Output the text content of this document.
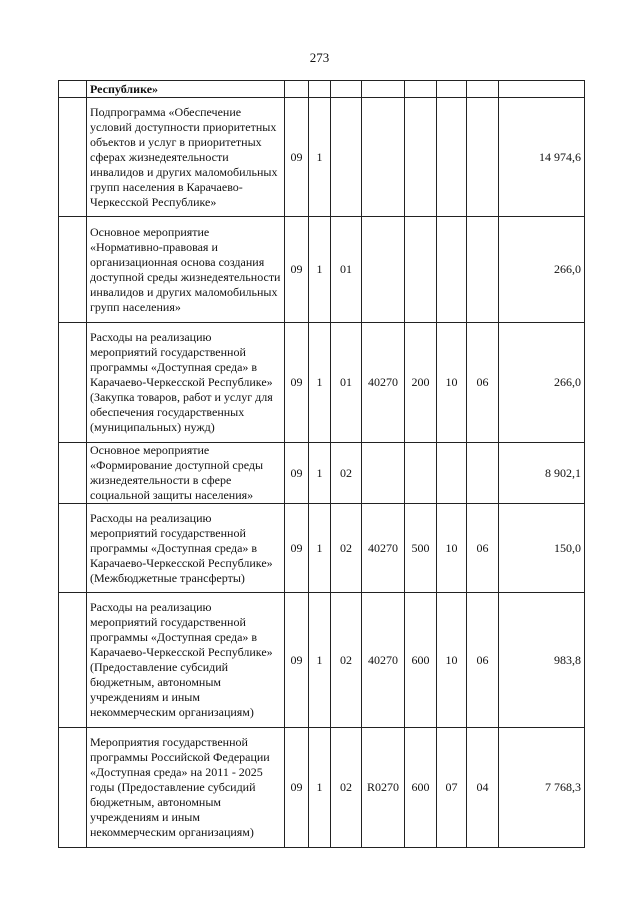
273
	Республике»								
	Подпрограмма «Обеспечение условий доступности приоритетных объектов и услуг в приоритетных сферах жизнедеятельности инвалидов и других маломобильных групп населения в Карачаево-Черкесской Республике»	09	1						14 974,6
	Основное мероприятие «Нормативно-правовая и организационная основа создания доступной среды жизнедеятельности инвалидов и других маломобильных групп населения»	09	1	01					266,0
	Расходы на реализацию мероприятий государственной программы «Доступная среда» в Карачаево-Черкесской Республике» (Закупка товаров, работ и услуг для обеспечения государственных (муниципальных) нужд)	09	1	01	40270	200	10	06	266,0
	Основное мероприятие «Формирование доступной среды жизнедеятельности в сфере социальной защиты населения»	09	1	02					8 902,1
	Расходы на реализацию мероприятий государственной программы «Доступная среда» в Карачаево-Черкесской Республике» (Межбюджетные трансферты)	09	1	02	40270	500	10	06	150,0
	Расходы на реализацию мероприятий государственной программы «Доступная среда» в Карачаево-Черкесской Республике» (Предоставление субсидий бюджетным, автономным учреждениям и иным некоммерческим организациям)	09	1	02	40270	600	10	06	983,8
	Мероприятия государственной программы Российской Федерации «Доступная среда» на 2011 - 2025 годы (Предоставление субсидий бюджетным, автономным учреждениям и иным некоммерческим организациям)	09	1	02	R0270	600	07	04	7 768,3
